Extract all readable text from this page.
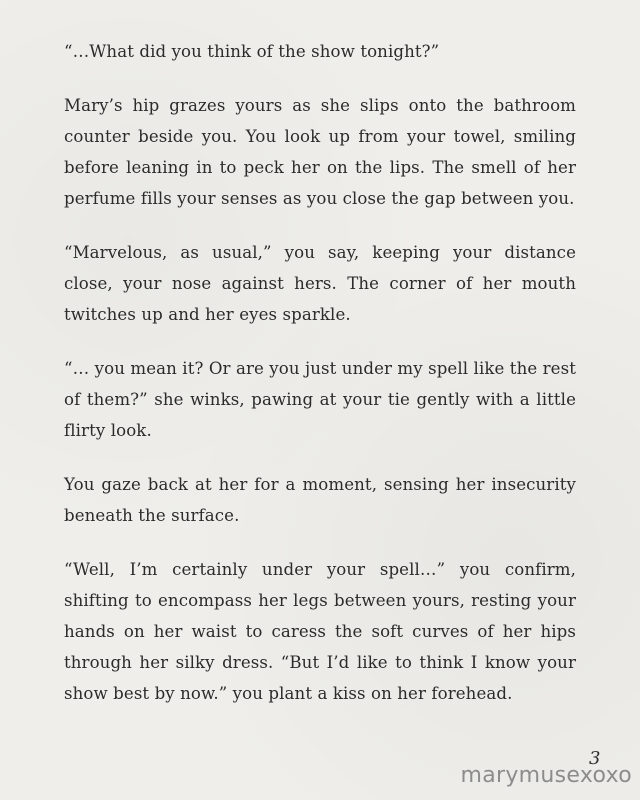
“…What did you think of the show tonight?”

Mary’s hip grazes yours as she slips onto the bathroom counter beside you. You look up from your towel, smiling before leaning in to peck her on the lips. The smell of her perfume fills your senses as you close the gap between you.

“Marvelous, as usual,” you say, keeping your distance close, your nose against hers. The corner of her mouth twitches up and her eyes sparkle.

“… you mean it? Or are you just under my spell like the rest of them?” she winks, pawing at your tie gently with a little flirty look.

You gaze back at her for a moment, sensing her insecurity beneath the surface.

“Well, I’m certainly under your spell…” you confirm, shifting to encompass her legs between yours, resting your hands on her waist to caress the soft curves of her hips through her silky dress. “But I’d like to think I know your show best by now.” you plant a kiss on her forehead.

3
marymusexoxo
